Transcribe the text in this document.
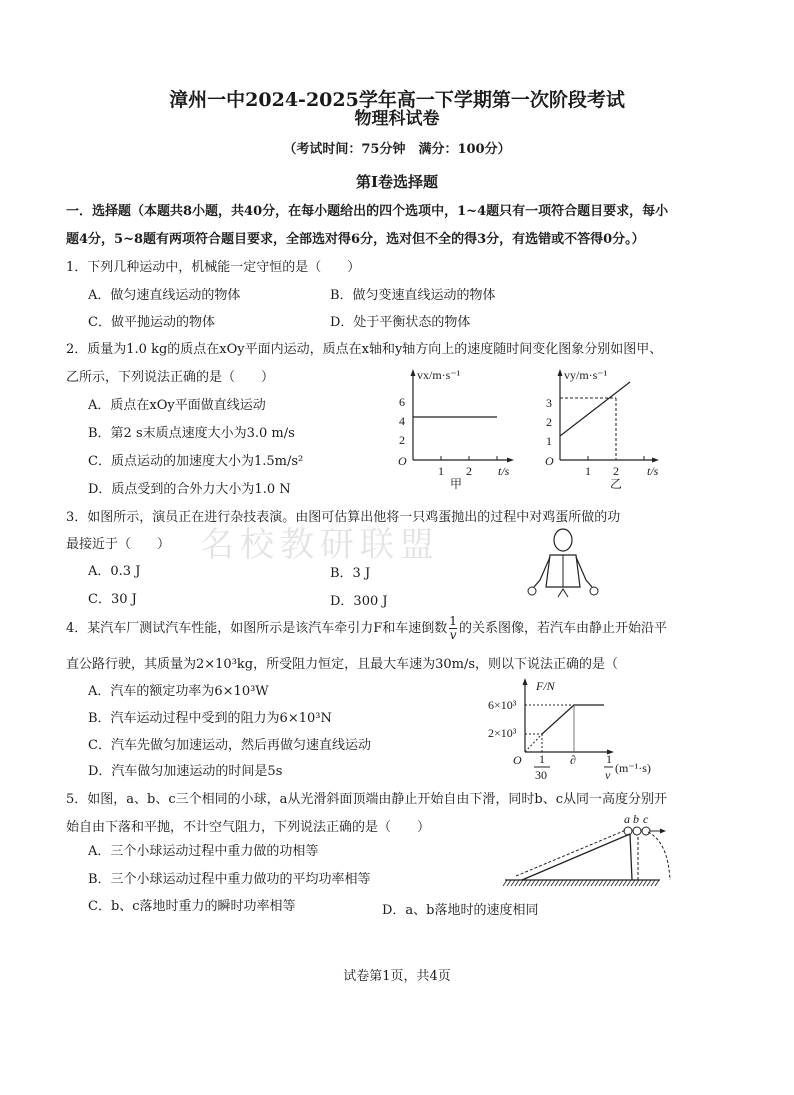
名校教研联盟
漳州一中2024-2025学年高一下学期第一次阶段考试
物理科试卷
（考试时间：75分钟　满分：100分）
第Ⅰ卷选择题
一．选择题（本题共8小题，共40分，在每小题给出的四个选项中，1~4题只有一项符合题目要求，每小
题4分，5~8题有两项符合题目要求，全部选对得6分，选对但不全的得3分，有选错或不答得0分。）
1．下列几种运动中，机械能一定守恒的是（　　）
A．做匀速直线运动的物体	B．做匀变速直线运动的物体
C．做平抛运动的物体	D．处于平衡状态的物体
2．质量为1.0 kg的质点在xOy平面内运动，质点在x轴和y轴方向上的速度随时间变化图象分别如图甲、
乙所示，下列说法正确的是（　　）
A．质点在xOy平面做直线运动
B．第2 s末质点速度大小为3.0 m/s
C．质点运动的加速度大小为1.5m/s²
D．质点受到的合外力大小为1.0 N
vx/m·s⁻¹
2
4
6
O
1 2 t/s
甲
vy/m·s⁻¹
1
2
3
O
1 2 t/s
乙
3．如图所示，演员正在进行杂技表演。由图可估算出他将一只鸡蛋抛出的过程中对鸡蛋所做的功
最接近于（　　）
A．0.3 J	B．3 J
C．30 J	D．300 J
4．某汽车厂测试汽车性能，如图所示是该汽车牵引力F和车速倒数 $\frac{1}{v}$ 的关系图像，若汽车由静止开始沿平
直公路行驶，其质量为2×10³kg，所受阻力恒定，且最大车速为30m/s，则以下说法正确的是（
A．汽车的额定功率为6×10³W
B．汽车运动过程中受到的阻力为6×10³N
C．汽车先做匀加速运动，然后再做匀速直线运动
D．汽车做匀加速运动的时间是5s
F/N
6×10³
2×10³
O 1
30
∂	1
v (m⁻¹·s)
5．如图，a、b、c三个相同的小球，a从光滑斜面顶端由静止开始自由下滑，同时b、c从同一高度分别开
始自由下落和平抛，不计空气阻力，下列说法正确的是（　　）
A．三个小球运动过程中重力做的功相等
B．三个小球运动过程中重力做功的平均功率相等
C．b、c落地时重力的瞬时功率相等	D．a、b落地时的速度相同
a b c
试卷第1页，共4页
